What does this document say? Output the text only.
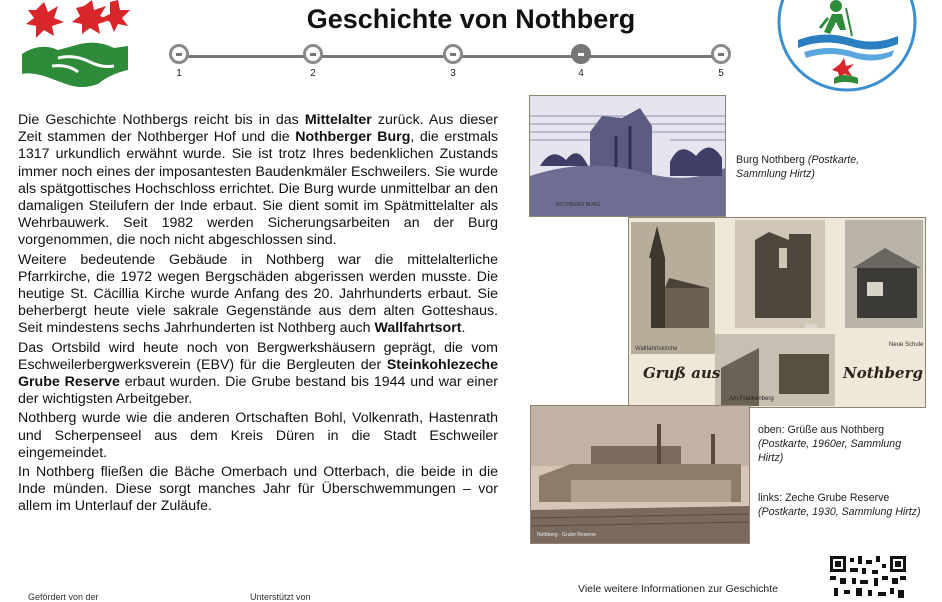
Geschichte von Nothberg
1	2	3	4	5

Die Geschichte Nothbergs reicht bis in das Mittelalter zurück. Aus dieser Zeit stammen der Nothberger Hof und die Nothberger Burg, die erstmals 1317 urkundlich erwähnt wurde. Sie ist trotz Ihres bedenklichen Zustands immer noch eines der imposantesten Baudenkmäler Eschweilers. Sie wurde als spätgottisches Hochschloss errichtet. Die Burg wurde unmittelbar an den damaligen Steilufern der Inde erbaut. Sie dient somit im Spätmittelalter als Wehrbauwerk. Seit 1982 werden Sicherungsarbeiten an der Burg vorgenommen, die noch nicht abgeschlossen sind.

Weitere bedeutende Gebäude in Nothberg war die mittelalterliche Pfarrkirche, die 1972 wegen Bergschäden abgerissen werden musste. Die heutige St. Cäcillia Kirche wurde Anfang des 20. Jahrhunderts erbaut. Sie beherbergt heute viele sakrale Gegenstände aus dem alten Gotteshaus. Seit mindestens sechs Jahrhunderten ist Nothberg auch Wallfahrtsort.

Das Ortsbild wird heute noch von Bergwerkshäusern geprägt, die vom Eschweilerbergwerksverein (EBV) für die Bergleuten der Steinkohlezeche Grube Reserve erbaut wurden. Die Grube bestand bis 1944 und war einer der wichtigsten Arbeitgeber.

Nothberg wurde wie die anderen Ortschaften Bohl, Volkenrath, Hastenrath und Scherpenseel aus dem Kreis Düren in die Stadt Eschweiler eingemeindet.

In Nothberg fließen die Bäche Omerbach und Otterbach, die beide in die Inde münden. Diese sorgt manches Jahr für Überschwemmungen – vor allem im Unterlauf der Zuläufe.

NOTHBERG BURG
Burg Nothberg (Postkarte, Sammlung Hirtz)
Wallfahrtskirche
Burg
Neue Schule
Gruß aus	Nothberg
Am Frankenberg
oben: Grüße aus Nothberg
(Postkarte, 1960er, Sammlung Hirtz)
Nothberg - Grube Reserve
links: Zeche Grube Reserve
(Postkarte, 1930, Sammlung Hirtz)
Gefördert von der	Unterstützt von
Viele weitere Informationen zur Geschichte
